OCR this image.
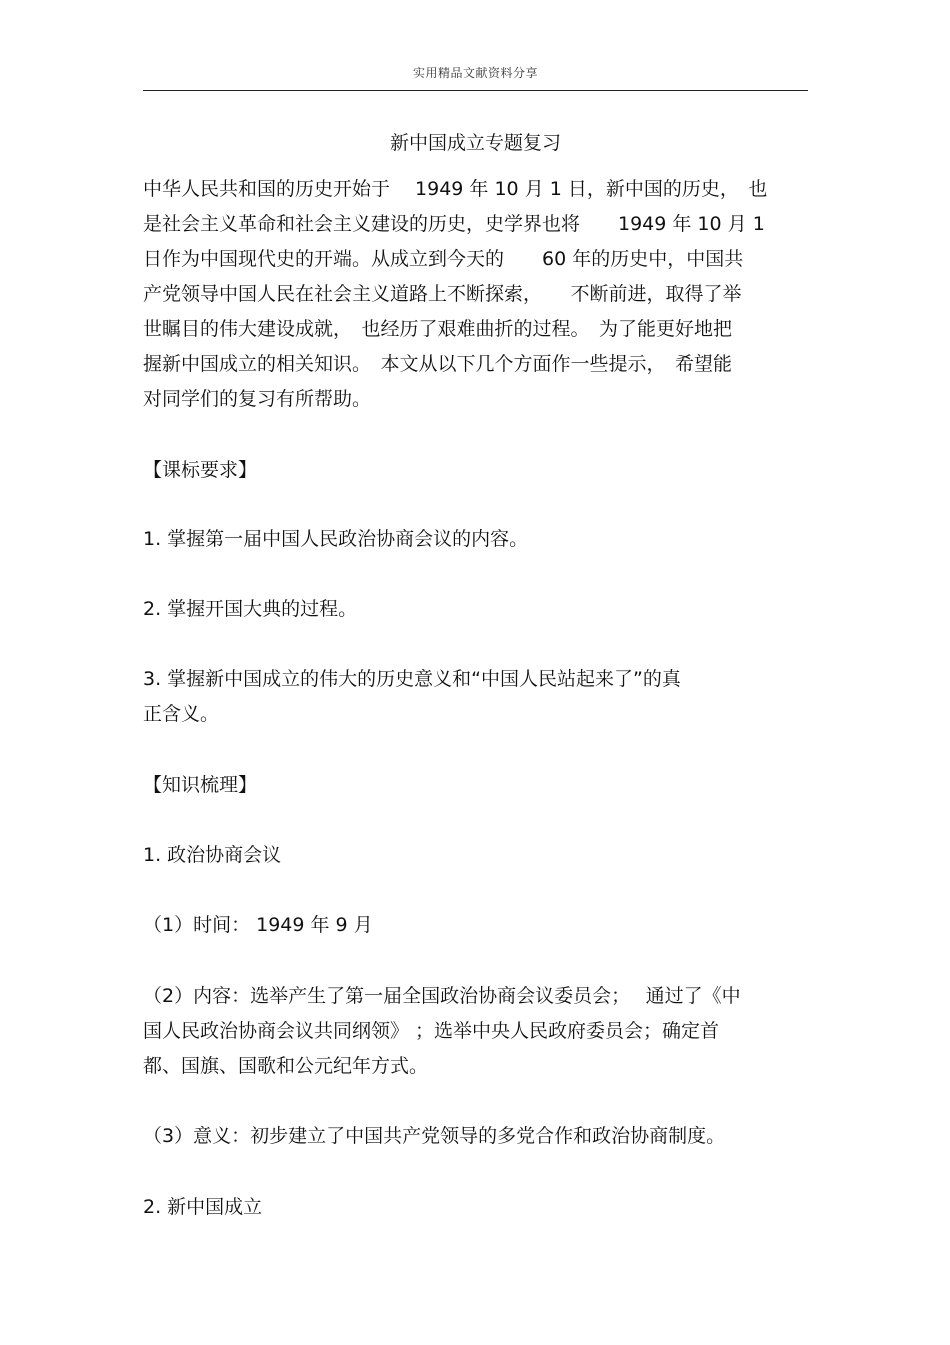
实用精品文献资料分享
新中国成立专题复习
中华人民共和国的历史开始于　 1949 年 10 月 1 日，新中国的历史，　也
是社会主义革命和社会主义建设的历史，史学界也将　　1949 年 10 月 1
日作为中国现代史的开端。从成立到今天的　　60 年的历史中，中国共
产党领导中国人民在社会主义道路上不断探索，　　不断前进，取得了举
世瞩目的伟大建设成就，　也经历了艰难曲折的过程。　为了能更好地把
握新中国成立的相关知识。　本文从以下几个方面作一些提示，　希望能
对同学们的复习有所帮助。
【课标要求】
1. 掌握第一届中国人民政治协商会议的内容。
2. 掌握开国大典的过程。
3. 掌握新中国成立的伟大的历史意义和“中国人民站起来了”的真
正含义。
【知识梳理】
1. 政治协商会议
（1）时间： 1949 年 9 月
（2）内容：选举产生了第一届全国政治协商会议委员会；　 通过了《中
国人民政治协商会议共同纲领》 ；选举中央人民政府委员会；确定首
都、国旗、国歌和公元纪年方式。
（3）意义：初步建立了中国共产党领导的多党合作和政治协商制度。
2. 新中国成立
